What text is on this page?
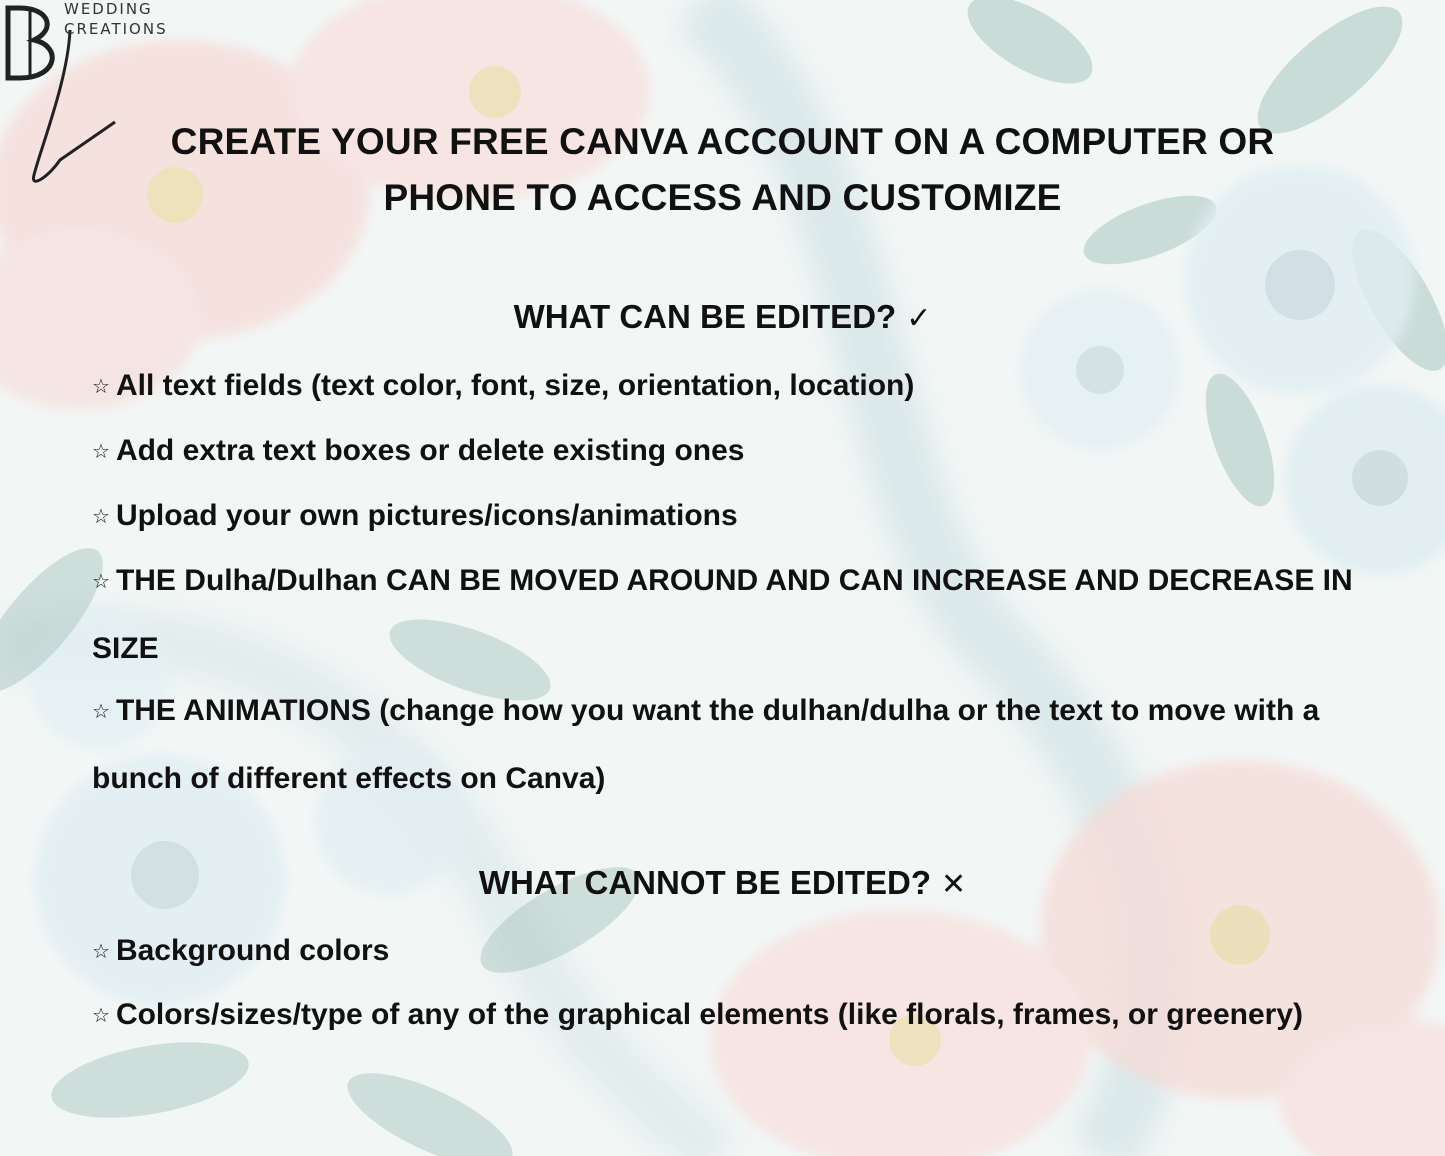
WEDDING
CREATIONS
CREATE YOUR FREE CANVA ACCOUNT ON A COMPUTER OR
PHONE TO ACCESS AND CUSTOMIZE
WHAT CAN BE EDITED? ✓
☆ All text fields (text color, font, size, orientation, location)
☆ Add extra text boxes or delete existing ones
☆ Upload your own pictures/icons/animations
☆ THE Dulha/Dulhan CAN BE MOVED AROUND AND CAN INCREASE AND DECREASE IN SIZE
☆ THE ANIMATIONS (change how you want the dulhan/dulha or the text to move with a bunch of different effects on Canva)
WHAT CANNOT BE EDITED? ✕
☆ Background colors
☆ Colors/sizes/type of any of the graphical elements (like florals, frames, or greenery)
